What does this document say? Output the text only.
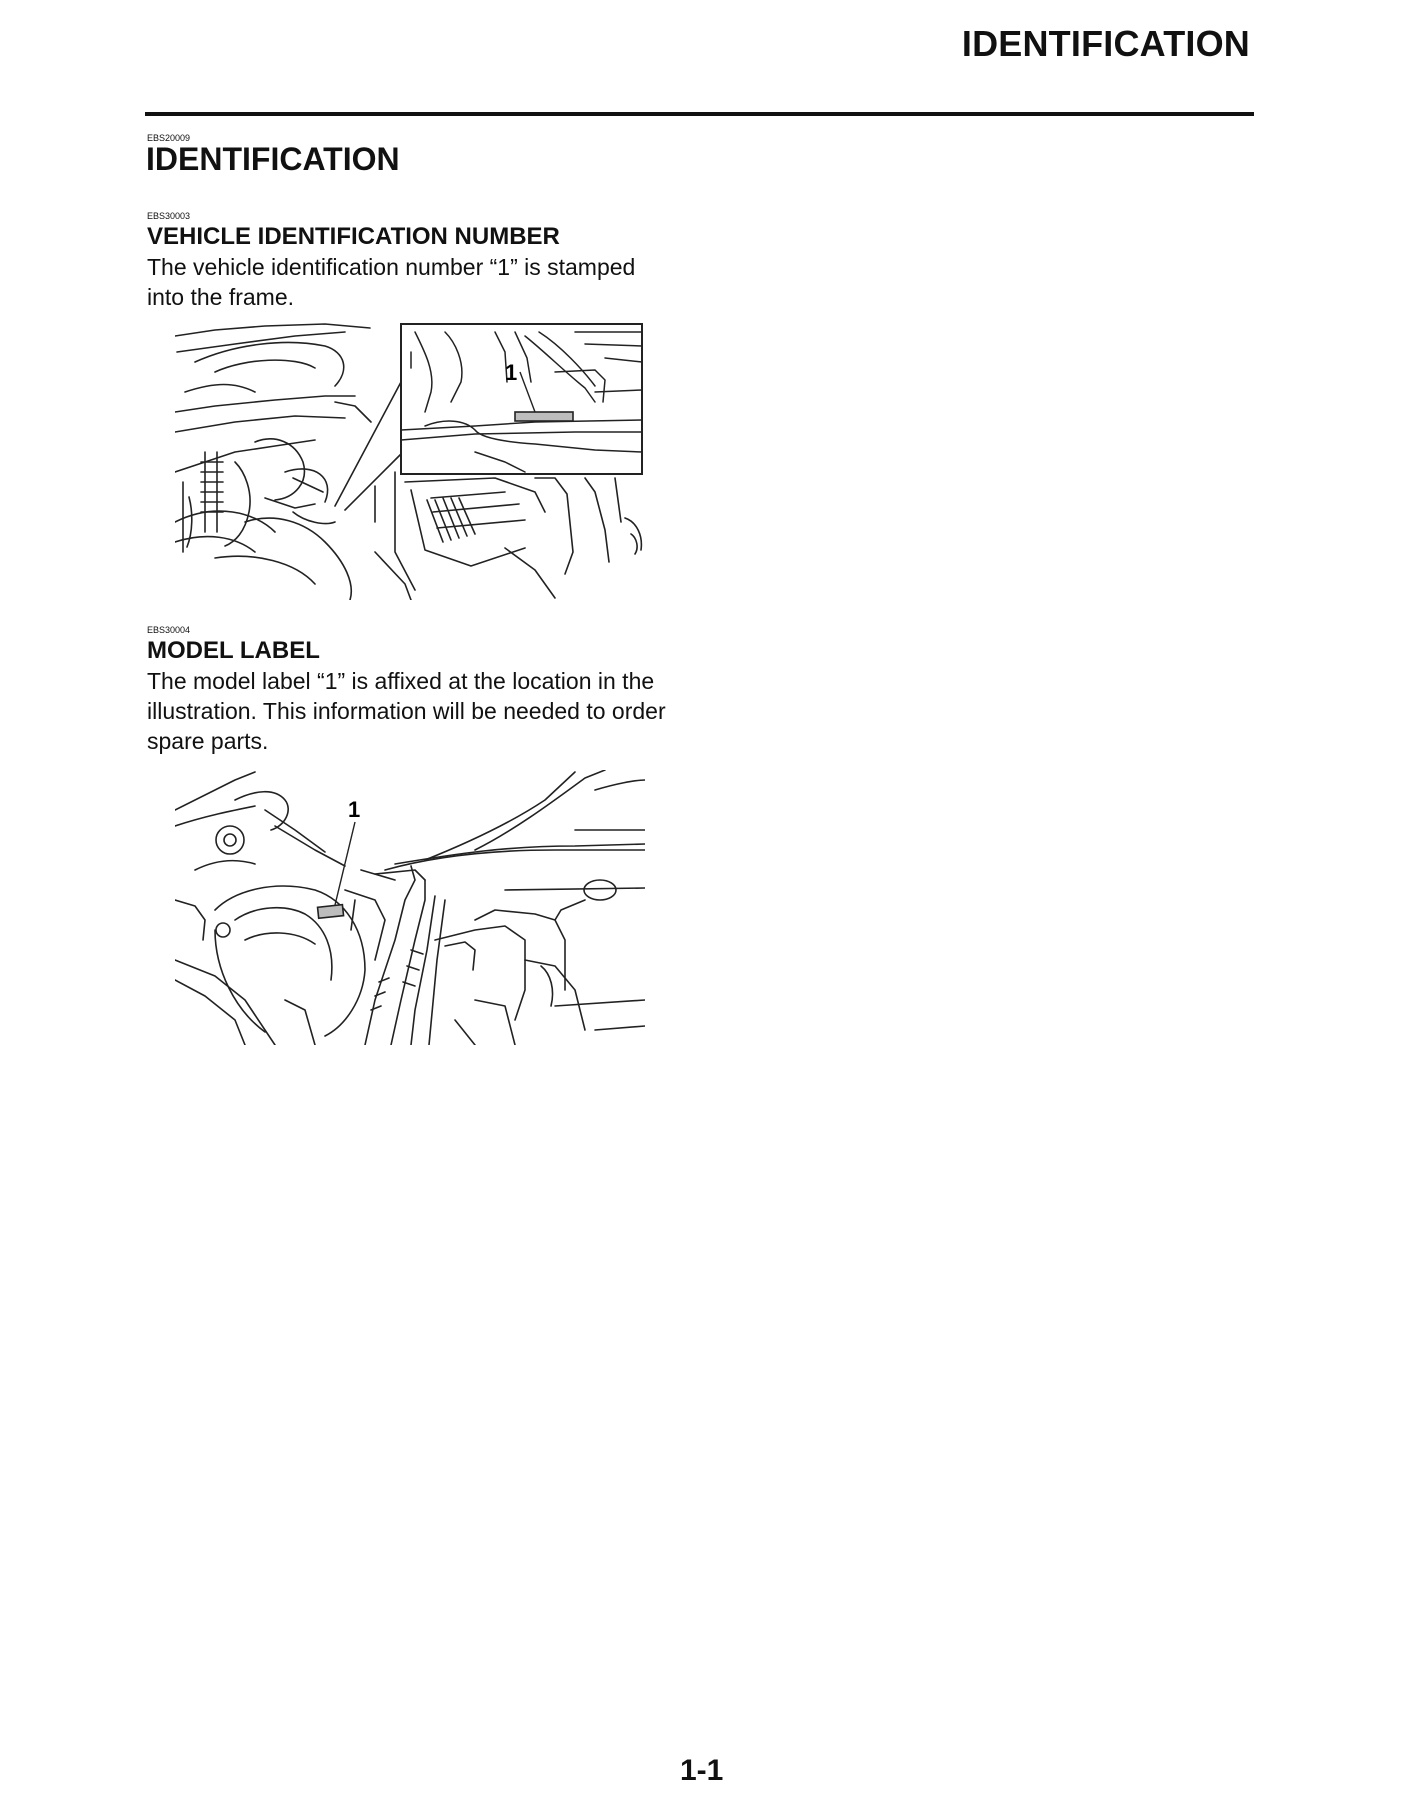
IDENTIFICATION
EBS20009
IDENTIFICATION
EBS30003
VEHICLE IDENTIFICATION NUMBER
The vehicle identification number “1” is stamped into the frame.
1
EBS30004
MODEL LABEL
The model label “1” is affixed at the location in the illustration. This information will be needed to order spare parts.
1
1-1
